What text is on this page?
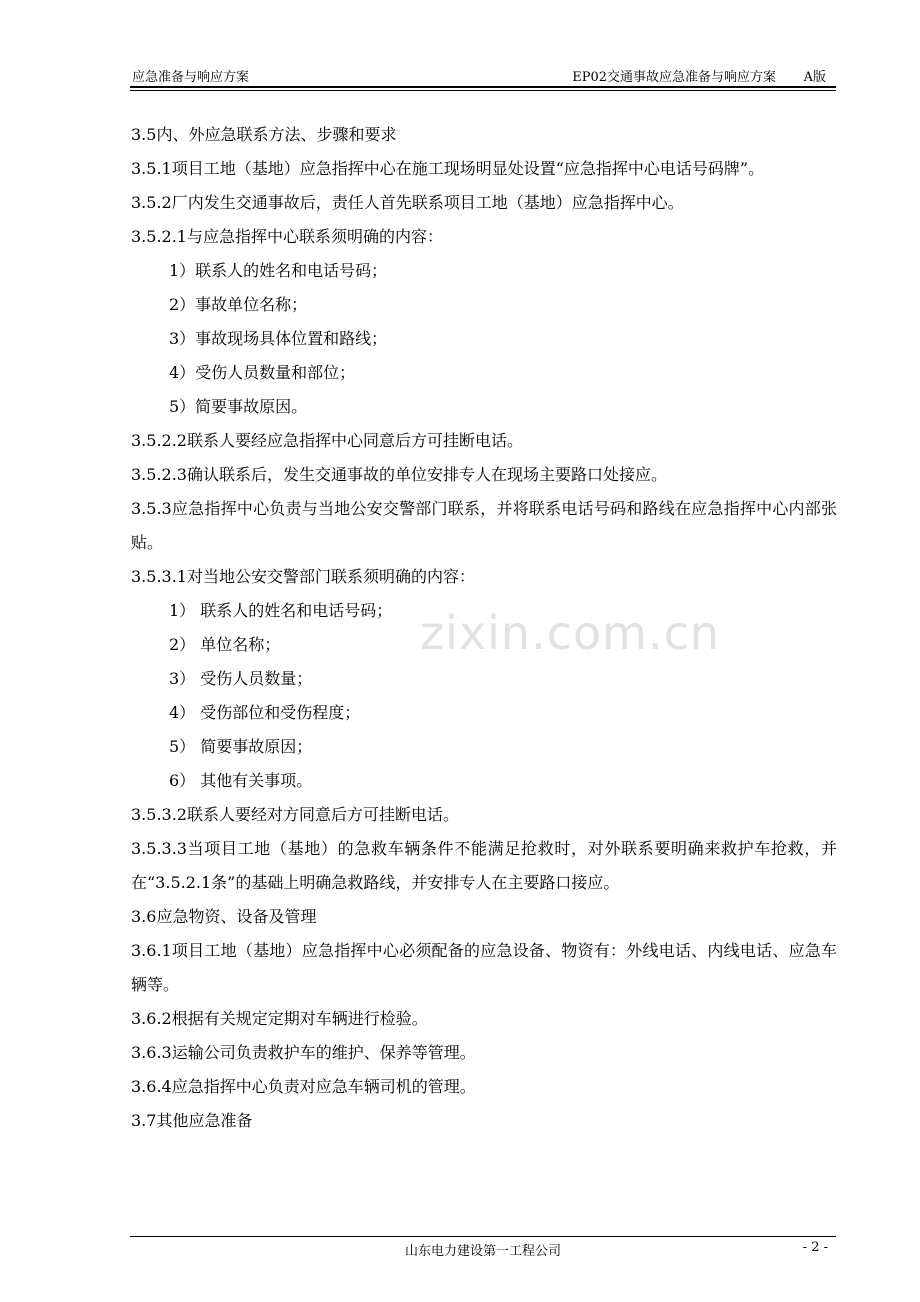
应急准备与响应方案	EP02交通事故应急准备与响应方案 A版
zixin.com.cn

3.5内、外应急联系方法、步骤和要求

3.5.1项目工地（基地）应急指挥中心在施工现场明显处设置“应急指挥中心电话号码牌”。

3.5.2厂内发生交通事故后，责任人首先联系项目工地（基地）应急指挥中心。

3.5.2.1与应急指挥中心联系须明确的内容：

1）联系人的姓名和电话号码；

2）事故单位名称；

3）事故现场具体位置和路线；

4）受伤人员数量和部位；

5）简要事故原因。

3.5.2.2联系人要经应急指挥中心同意后方可挂断电话。

3.5.2.3确认联系后，发生交通事故的单位安排专人在现场主要路口处接应。

3.5.3应急指挥中心负责与当地公安交警部门联系，并将联系电话号码和路线在应急指挥中心内部张贴。

3.5.3.1对当地公安交警部门联系须明确的内容：

1） 联系人的姓名和电话号码；

2） 单位名称；

3） 受伤人员数量；

4） 受伤部位和受伤程度；

5） 简要事故原因；

6） 其他有关事项。

3.5.3.2联系人要经对方同意后方可挂断电话。

3.5.3.3当项目工地（基地）的急救车辆条件不能满足抢救时，对外联系要明确来救护车抢救，并在“3.5.2.1条”的基础上明确急救路线，并安排专人在主要路口接应。

3.6应急物资、设备及管理

3.6.1项目工地（基地）应急指挥中心必须配备的应急设备、物资有：外线电话、内线电话、应急车辆等。

3.6.2根据有关规定定期对车辆进行检验。

3.6.3运输公司负责救护车的维护、保养等管理。

3.6.4应急指挥中心负责对应急车辆司机的管理。

3.7其他应急准备

山东电力建设第一工程公司	- 2 -
